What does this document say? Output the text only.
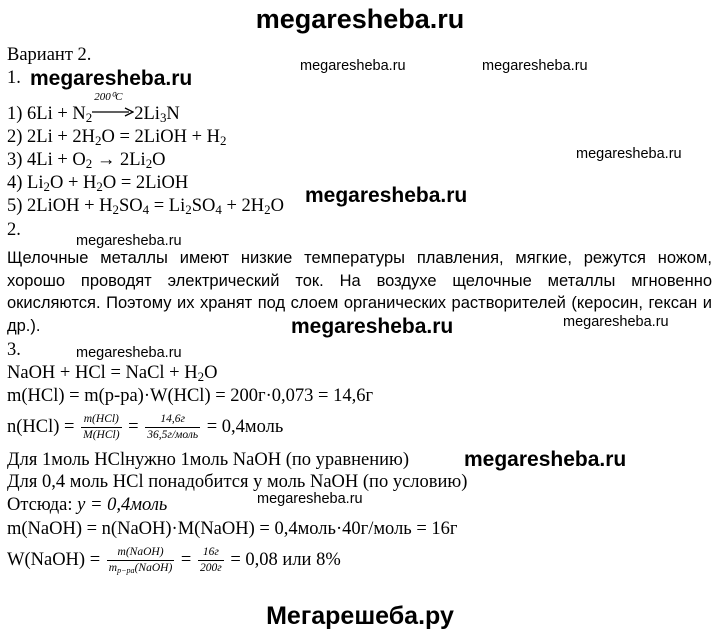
megaresheba.ru
Мегарешеба.ру
megaresheba.ru	megaresheba.ru
megaresheba.ru
megaresheba.ru
megaresheba.ru
megaresheba.ru
megaresheba.ru
megaresheba.ru
Вариант 2.
1. megaresheba.ru
1) $6Li + N_2$
200⁰C
$2Li_3N$
2) $2Li + 2H_2O$ = 2LiOH + $H_2$
3) $4Li + O_2 \to 2Li_2O$
4) $Li_2O + H_2O$ = 2LiOH
5) 2LiOH + $H_2SO_4 = Li_2SO_4 + 2H_2O$
2.
Щелочные металлы имеют низкие температуры плавления, мягкие, режутся ножом, хорошо проводят электрический ток. На воздухе щелочные металлы мгновенно окисляются. Поэтому их хранят под слоем органических растворителей (керосин, гексан и др.).	megaresheba.ru
3.
NaOH + HCl = NaCl + $H_2O$
m(HCl) = m(р-ра)·W(HCl) = 200г·0,073 = 14,6г
$n(HCl) = \frac{\text{m(HCl)}}{\text{M(HCl)}} = \frac{14,6г}{\text{36,5г/моль}}$ = 0,4моль
Для 1моль HClнужно 1моль NaOH (по уравнению)	megaresheba.ru
Для 0,4 моль HCl понадобится y моль NaOH (по условию)
Отсюда: y = 0,4моль
m(NaOH) = n(NaOH)·M(NaOH) = 0,4моль·40г/моль = 16г
W(NaOH) = $\frac{\text{m(NaOH)}}{m_{р-ра}(NaOH)} = \frac{16г}{200г} = 0,08$ или 8%
